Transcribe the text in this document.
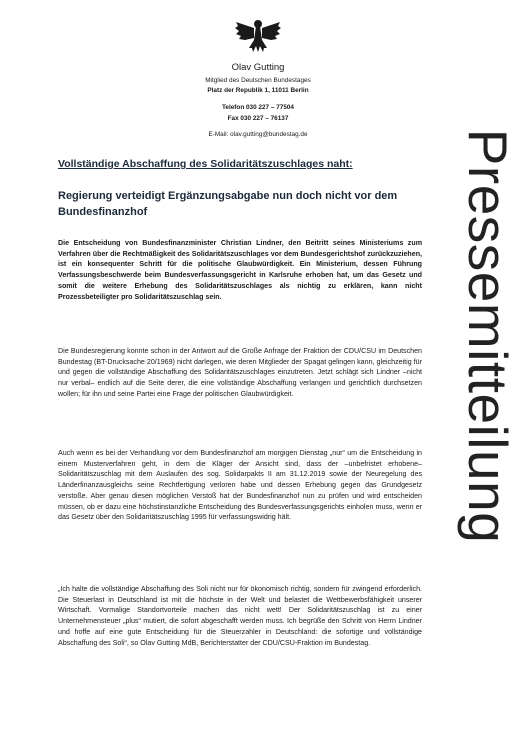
Olav Gutting

Mitglied des Deutschen Bundestages

Platz der Republik 1, 11011 Berlin

Telefon 030 227 – 77504

Fax 030 227 – 76137

E-Mail: olav.gutting@bundestag.de	Pressemitteilung
Vollständige Abschaffung des Solidaritätszuschlages naht:
Regierung verteidigt Ergänzungsabgabe nun doch nicht vor dem Bundesfinanzhof

Die Entscheidung von Bundesfinanzminister Christian Lindner, den Beitritt seines Ministeriums zum Verfahren über die Rechtmäßigkeit des Solidaritätszuschlages vor dem Bundesgerichtshof zurückzuziehen, ist ein konsequenter Schritt für die politische Glaubwürdigkeit. Ein Ministerium, dessen Führung Verfassungsbeschwerde beim Bundesverfassungsgericht in Karlsruhe erhoben hat, um das Gesetz und somit die weitere Erhebung des Solidaritätszuschlages als nichtig zu erklären, kann nicht Prozessbeteiligter pro Solidaritätszuschlag sein.

Die Bundesregierung konnte schon in der Antwort auf die Große Anfrage der Fraktion der CDU/CSU im Deutschen Bundestag (BT-Drucksache 20/1969) nicht darlegen, wie deren Mitglieder der Spagat gelingen kann, gleichzeitig für und gegen die vollständige Abschaffung des Solidaritätszuschlages einzutreten. Jetzt schlägt sich Lindner –nicht nur verbal– endlich auf die Seite derer, die eine vollständige Abschaffung verlangen und gerichtlich durchsetzen wollen; für ihn und seine Partei eine Frage der politischen Glaubwürdigkeit.

Auch wenn es bei der Verhandlung vor dem Bundesfinanzhof am morgigen Dienstag „nur“ um die Entscheidung in einem Musterverfahren geht, in dem die Kläger der Ansicht sind, dass der –unbefristet erhobene– Solidaritätszuschlag mit dem Auslaufen des sog. Solidarpakts II am 31.12.2019 sowie der Neuregelung des Länderfinanzausgleichs seine Rechtfertigung verloren habe und dessen Erhebung gegen das Grundgesetz verstoße. Aber genau diesen möglichen Verstoß hat der Bundesfinanzhof nun zu prüfen und wird entscheiden müssen, ob er dazu eine höchstinstanzliche Entscheidung des Bundesverfassungsgerichts einholen muss, wenn er das Gesetz über den Solidaritätszuschlag 1995 für verfassungswidrig hält.

„Ich halte die vollständige Abschaffung des Soli nicht nur für ökonomisch richtig, sondern für zwingend erforderlich. Die Steuerlast in Deutschland ist mit die höchste in der Welt und belastet die Wettbewerbsfähigkeit unserer Wirtschaft. Vormalige Standortvorteile machen das nicht wett! Der Solidaritätszuschlag ist zu einer Unternehmensteuer „plus“ mutiert, die sofort abgeschafft werden muss. Ich begrüße den Schritt von Herrn Lindner und hoffe auf eine gute Entscheidung für die Steuerzahler in Deutschland: die sofortige und vollständige Abschaffung des Soli“, so Olav Gutting MdB, Berichterstatter der CDU/CSU-Fraktion im Bundestag.
